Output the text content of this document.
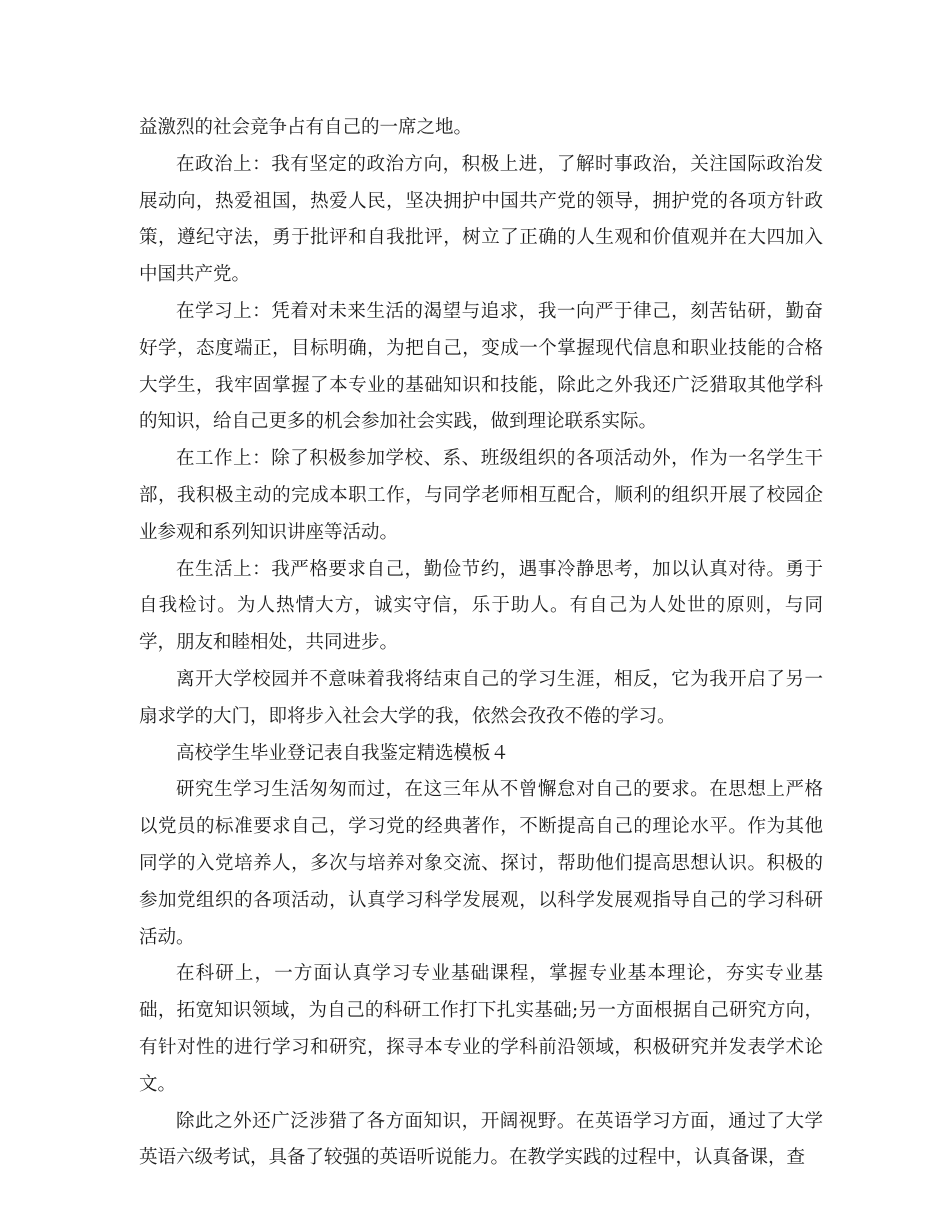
益激烈的社会竞争占有自己的一席之地。

在政治上：我有坚定的政治方向，积极上进，了解时事政治，关注国际政治发展动向，热爱祖国，热爱人民，坚决拥护中国共产党的领导，拥护党的各项方针政策，遵纪守法，勇于批评和自我批评，树立了正确的人生观和价值观并在大四加入中国共产党。

在学习上：凭着对未来生活的渴望与追求，我一向严于律己，刻苦钻研，勤奋好学，态度端正，目标明确，为把自己，变成一个掌握现代信息和职业技能的合格大学生，我牢固掌握了本专业的基础知识和技能，除此之外我还广泛猎取其他学科的知识，给自己更多的机会参加社会实践，做到理论联系实际。

在工作上：除了积极参加学校、系、班级组织的各项活动外，作为一名学生干部，我积极主动的完成本职工作，与同学老师相互配合，顺利的组织开展了校园企业参观和系列知识讲座等活动。

在生活上：我严格要求自己，勤俭节约，遇事冷静思考，加以认真对待。勇于自我检讨。为人热情大方，诚实守信，乐于助人。有自己为人处世的原则，与同学，朋友和睦相处，共同进步。

离开大学校园并不意味着我将结束自己的学习生涯，相反，它为我开启了另一扇求学的大门，即将步入社会大学的我，依然会孜孜不倦的学习。

高校学生毕业登记表自我鉴定精选模板４

研究生学习生活匆匆而过，在这三年从不曾懈怠对自己的要求。在思想上严格以党员的标准要求自己，学习党的经典著作，不断提高自己的理论水平。作为其他同学的入党培养人，多次与培养对象交流、探讨，帮助他们提高思想认识。积极的参加党组织的各项活动，认真学习科学发展观，以科学发展观指导自己的学习科研活动。

在科研上，一方面认真学习专业基础课程，掌握专业基本理论，夯实专业基础，拓宽知识领域，为自己的科研工作打下扎实基础;另一方面根据自己研究方向，有针对性的进行学习和研究，探寻本专业的学科前沿领域，积极研究并发表学术论文。

除此之外还广泛涉猎了各方面知识，开阔视野。在英语学习方面，通过了大学英语六级考试，具备了较强的英语听说能力。在教学实践的过程中，认真备课，查
